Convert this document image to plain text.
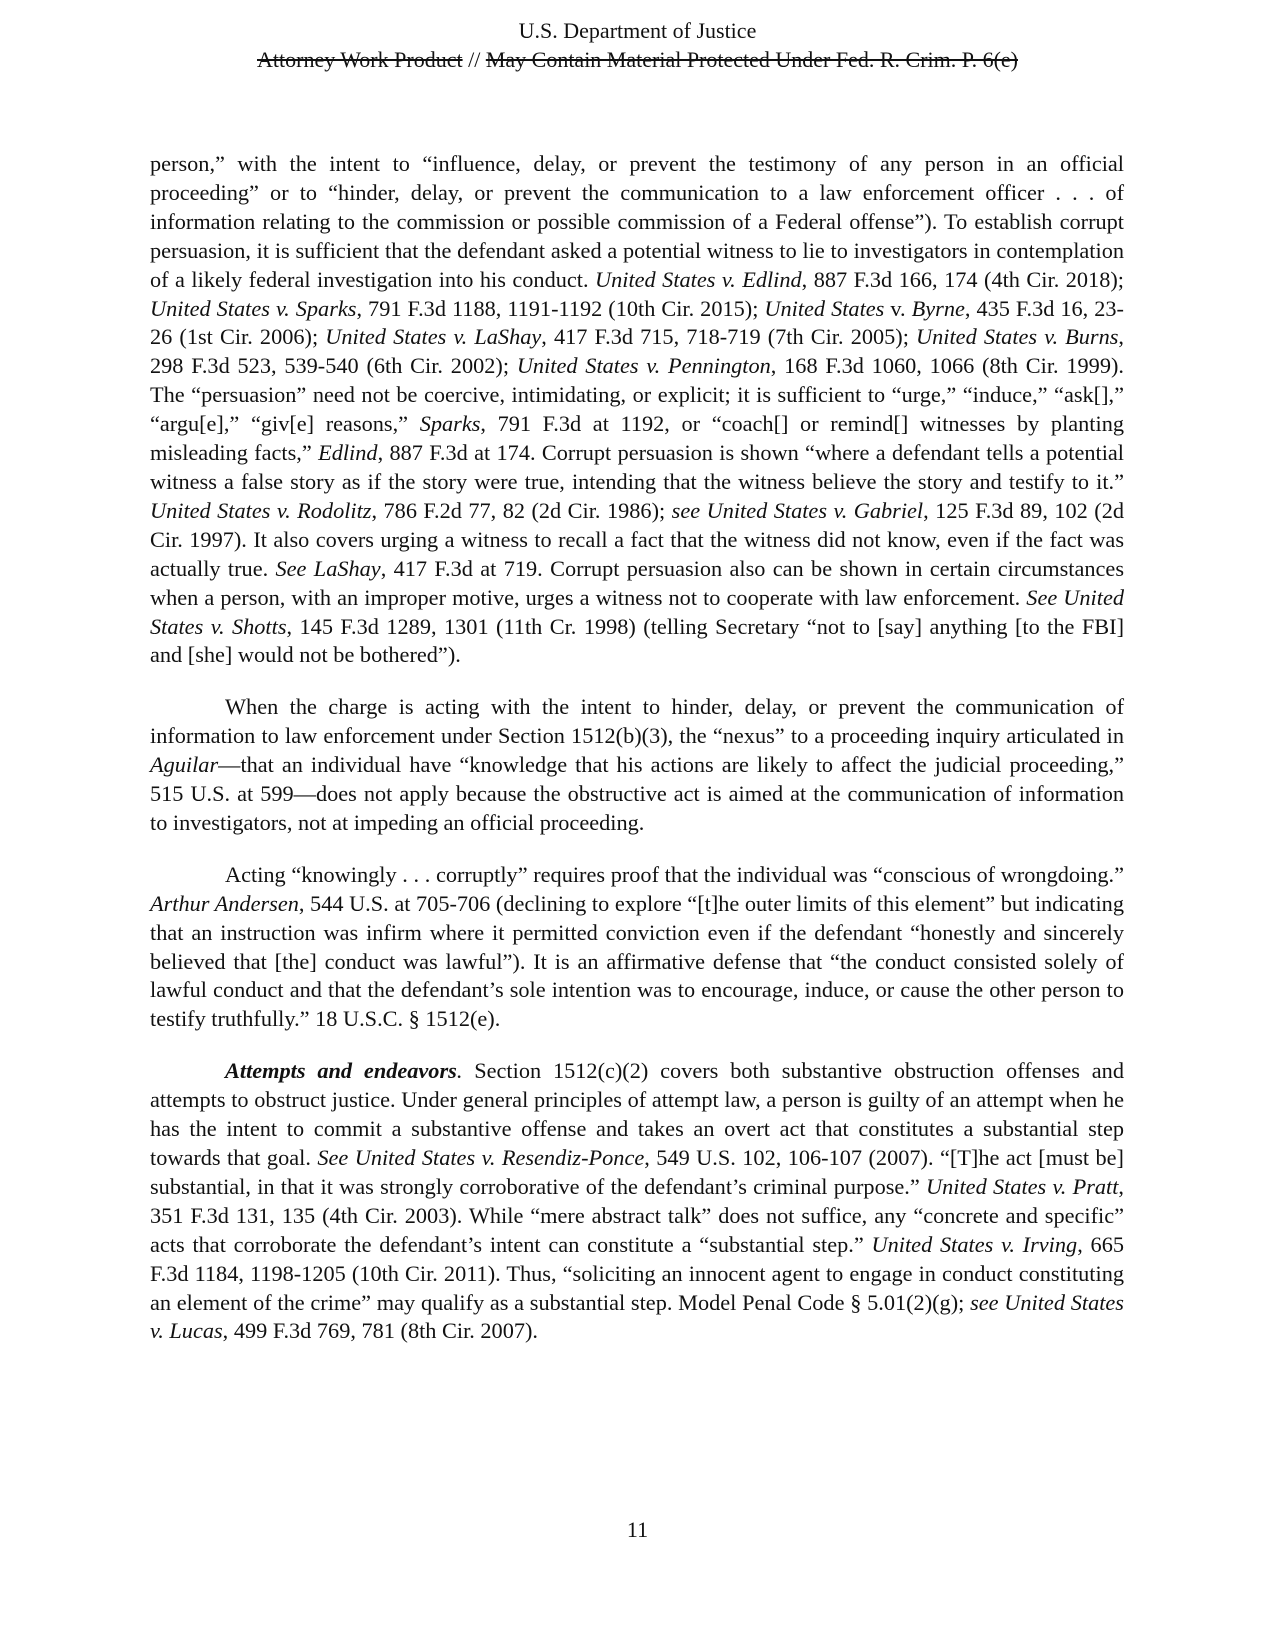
U.S. Department of Justice
Attorney Work Product // May Contain Material Protected Under Fed. R. Crim. P. 6(e)

person,” with the intent to “influence, delay, or prevent the testimony of any person in an official proceeding” or to “hinder, delay, or prevent the communication to a law enforcement officer . . . of information relating to the commission or possible commission of a Federal offense”). To establish corrupt persuasion, it is sufficient that the defendant asked a potential witness to lie to investigators in contemplation of a likely federal investigation into his conduct. United States v. Edlind, 887 F.3d 166, 174 (4th Cir. 2018); United States v. Sparks, 791 F.3d 1188, 1191-1192 (10th Cir. 2015); United States v. Byrne, 435 F.3d 16, 23-26 (1st Cir. 2006); United States v. LaShay, 417 F.3d 715, 718-719 (7th Cir. 2005); United States v. Burns, 298 F.3d 523, 539-540 (6th Cir. 2002); United States v. Pennington, 168 F.3d 1060, 1066 (8th Cir. 1999). The “persuasion” need not be coercive, intimidating, or explicit; it is sufficient to “urge,” “induce,” “ask[],” “argu[e],” “giv[e] reasons,” Sparks, 791 F.3d at 1192, or “coach[] or remind[] witnesses by planting misleading facts,” Edlind, 887 F.3d at 174. Corrupt persuasion is shown “where a defendant tells a potential witness a false story as if the story were true, intending that the witness believe the story and testify to it.” United States v. Rodolitz, 786 F.2d 77, 82 (2d Cir. 1986); see United States v. Gabriel, 125 F.3d 89, 102 (2d Cir. 1997). It also covers urging a witness to recall a fact that the witness did not know, even if the fact was actually true. See LaShay, 417 F.3d at 719. Corrupt persuasion also can be shown in certain circumstances when a person, with an improper motive, urges a witness not to cooperate with law enforcement. See United States v. Shotts, 145 F.3d 1289, 1301 (11th Cr. 1998) (telling Secretary “not to [say] anything [to the FBI] and [she] would not be bothered”).

When the charge is acting with the intent to hinder, delay, or prevent the communication of information to law enforcement under Section 1512(b)(3), the “nexus” to a proceeding inquiry articulated in Aguilar—that an individual have “knowledge that his actions are likely to affect the judicial proceeding,” 515 U.S. at 599—does not apply because the obstructive act is aimed at the communication of information to investigators, not at impeding an official proceeding.

Acting “knowingly . . . corruptly” requires proof that the individual was “conscious of wrongdoing.” Arthur Andersen, 544 U.S. at 705-706 (declining to explore “[t]he outer limits of this element” but indicating that an instruction was infirm where it permitted conviction even if the defendant “honestly and sincerely believed that [the] conduct was lawful”). It is an affirmative defense that “the conduct consisted solely of lawful conduct and that the defendant’s sole intention was to encourage, induce, or cause the other person to testify truthfully.” 18 U.S.C. § 1512(e).

Attempts and endeavors. Section 1512(c)(2) covers both substantive obstruction offenses and attempts to obstruct justice. Under general principles of attempt law, a person is guilty of an attempt when he has the intent to commit a substantive offense and takes an overt act that constitutes a substantial step towards that goal. See United States v. Resendiz-Ponce, 549 U.S. 102, 106-107 (2007). “[T]he act [must be] substantial, in that it was strongly corroborative of the defendant’s criminal purpose.” United States v. Pratt, 351 F.3d 131, 135 (4th Cir. 2003). While “mere abstract talk” does not suffice, any “concrete and specific” acts that corroborate the defendant’s intent can constitute a “substantial step.” United States v. Irving, 665 F.3d 1184, 1198-1205 (10th Cir. 2011). Thus, “soliciting an innocent agent to engage in conduct constituting an element of the crime” may qualify as a substantial step. Model Penal Code § 5.01(2)(g); see United States v. Lucas, 499 F.3d 769, 781 (8th Cir. 2007).

11
